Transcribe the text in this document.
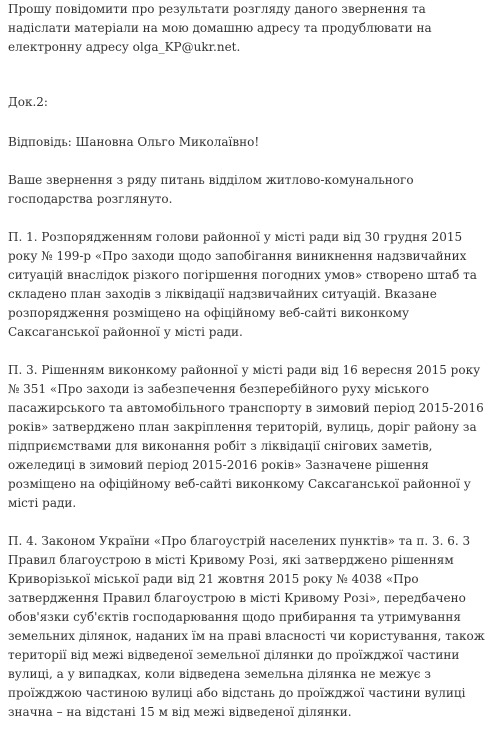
Прошу повідомити про результати розгляду даного звернення та надіслати матеріали на мою домашню адресу та продублювати на електронну адресу olga_KP@ukr.net.

Док.2:

Відповідь: Шановна Ольго Миколаївно!

Ваше звернення з ряду питань відділом житлово-комунального господарства розглянуто.

П. 1. Розпорядженням голови районної у місті ради від 30 грудня 2015 року № 199-р «Про заходи щодо запобігання виникнення надзвичайних ситуацій внаслідок різкого погіршення погодних умов» створено штаб та складено план заходів з ліквідації надзвичайних ситуацій. Вказане розпорядження розміщено на офіційному веб-сайті виконкому Саксаганської районної у місті ради.

П. 3. Рішенням виконкому районної у місті ради від 16 вересня 2015 року № 351 «Про заходи із забезпечення безперебійного руху міського пасажирського та автомобільного транспорту в зимовий період 2015-2016 років» затверджено план закріплення територій, вулиць, доріг району за підприємствами для виконання робіт з ліквідації снігових заметів, ожеледиці в зимовий період 2015-2016 років» Зазначене рішення розміщено на офіційному веб-сайті виконкому Саксаганської районної у місті ради.

П. 4. Законом України «Про благоустрій населених пунктів» та п. 3. 6. 3 Правил благоустрою в місті Кривому Розі, які затверджено рішенням Криворізької міської ради від 21 жовтня 2015 року № 4038 «Про затвердження Правил благоустрою в місті Кривому Розі», передбачено обов'язки суб'єктів господарювання щодо прибирання та утримування земельних ділянок, наданих їм на праві власності чи користування, також території від межі відведеної земельної ділянки до проїжджої частини вулиці, а у випадках, коли відведена земельна ділянка не межує з проїжджою частиною вулиці або відстань до проїжджої частини вулиці значна – на відстані 15 м від межі відведеної ділянки.
